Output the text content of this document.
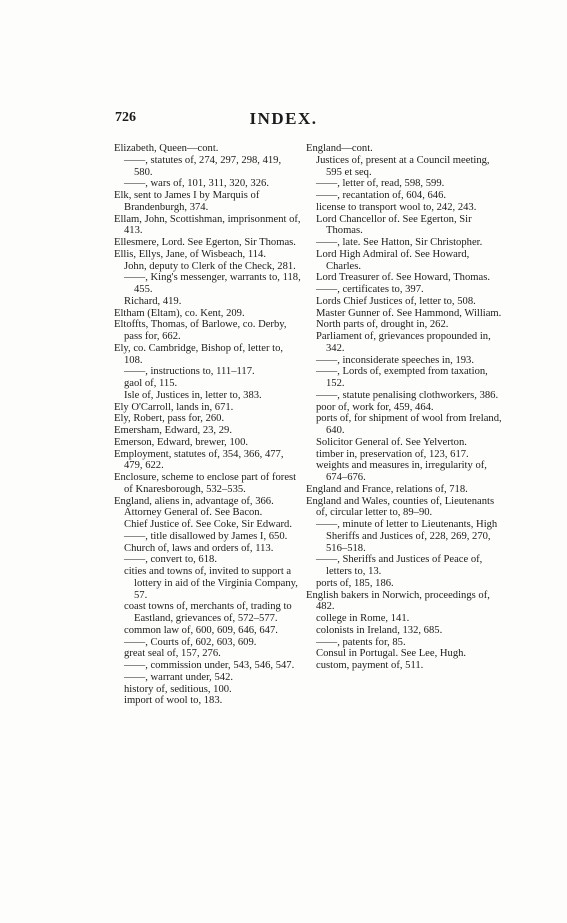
726	INDEX.
Elizabeth, Queen—cont.
——, statutes of, 274, 297, 298, 419, 580.
——, wars of, 101, 311, 320, 326.
Elk, sent to James I by Marquis of Brandenburgh, 374.
Ellam, John, Scottishman, imprisonment of, 413.
Ellesmere, Lord. See Egerton, Sir Thomas.
Ellis, Ellys, Jane, of Wisbeach, 114.
John, deputy to Clerk of the Check, 281.
——, King's messenger, warrants to, 118, 455.
Richard, 419.
Eltham (Eltam), co. Kent, 209.
Eltoffts, Thomas, of Barlowe, co. Derby, pass for, 662.
Ely, co. Cambridge, Bishop of, letter to, 108.
——, instructions to, 111–117.
gaol of, 115.
Isle of, Justices in, letter to, 383.
Ely O'Carroll, lands in, 671.
Ely, Robert, pass for, 260.
Emersham, Edward, 23, 29.
Emerson, Edward, brewer, 100.
Employment, statutes of, 354, 366, 477, 479, 622.
Enclosure, scheme to enclose part of forest of Knaresborough, 532–535.
England, aliens in, advantage of, 366.
Attorney General of. See Bacon.
Chief Justice of. See Coke, Sir Edward.
——, title disallowed by James I, 650.
Church of, laws and orders of, 113.
——, convert to, 618.
cities and towns of, invited to support a lottery in aid of the Virginia Company, 57.
coast towns of, merchants of, trading to Eastland, grievances of, 572–577.
common law of, 600, 609, 646, 647.
——, Courts of, 602, 603, 609.
great seal of, 157, 276.
——, commission under, 543, 546, 547.
——, warrant under, 542.
history of, seditious, 100.
import of wool to, 183.
England—cont.
Justices of, present at a Council meeting, 595 et seq.
——, letter of, read, 598, 599.
——, recantation of, 604, 646.
license to transport wool to, 242, 243.
Lord Chancellor of. See Egerton, Sir Thomas.
——, late. See Hatton, Sir Christopher.
Lord High Admiral of. See Howard, Charles.
Lord Treasurer of. See Howard, Thomas.
——, certificates to, 397.
Lords Chief Justices of, letter to, 508.
Master Gunner of. See Hammond, William.
North parts of, drought in, 262.
Parliament of, grievances propounded in, 342.
——, inconsiderate speeches in, 193.
——, Lords of, exempted from taxation, 152.
——, statute penalising clothworkers, 386.
poor of, work for, 459, 464.
ports of, for shipment of wool from Ireland, 640.
Solicitor General of. See Yelverton.
timber in, preservation of, 123, 617.
weights and measures in, irregularity of, 674–676.
England and France, relations of, 718.
England and Wales, counties of, Lieutenants of, circular letter to, 89–90.
——, minute of letter to Lieutenants, High Sheriffs and Justices of, 228, 269, 270, 516–518.
——, Sheriffs and Justices of Peace of, letters to, 13.
ports of, 185, 186.
English bakers in Norwich, proceedings of, 482.
college in Rome, 141.
colonists in Ireland, 132, 685.
——, patents for, 85.
Consul in Portugal. See Lee, Hugh.
custom, payment of, 511.
